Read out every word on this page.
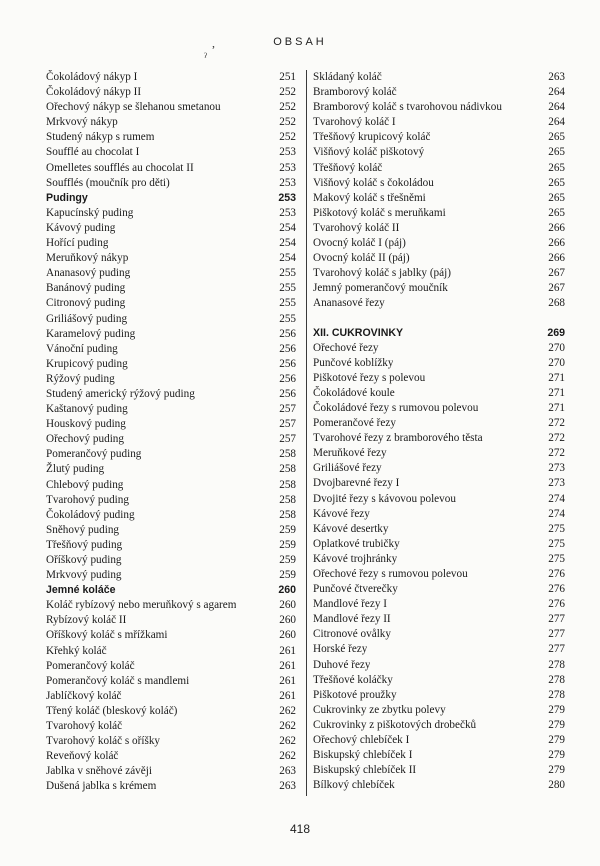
OBSAH
,
ˀ
Čokoládový nákyp I	251
Čokoládový nákyp II	252
Ořechový nákyp se šlehanou smetanou	252
Mrkvový nákyp	252
Studený nákyp s rumem	252
Soufflé au chocolat I	253
Omelletes soufflés au chocolat II	253
Soufflés (moučník pro děti)	253
Pudingy	253
Kapucínský puding	253
Kávový puding	254
Hořící puding	254
Meruňkový nákyp	254
Ananasový puding	255
Banánový puding	255
Citronový puding	255
Griliášový puding	255
Karamelový puding	256
Vánoční puding	256
Krupicový puding	256
Rýžový puding	256
Studený americký rýžový puding	256
Kaštanový puding	257
Houskový puding	257
Ořechový puding	257
Pomerančový puding	258
Žlutý puding	258
Chlebový puding	258
Tvarohový puding	258
Čokoládový puding	258
Sněhový puding	259
Třešňový puding	259
Oříškový puding	259
Mrkvový puding	259
Jemné koláče	260
Koláč rybízový nebo meruňkový s agarem	260
Rybízový koláč II	260
Oříškový koláč s mřížkami	260
Křehký koláč	261
Pomerančový koláč	261
Pomerančový koláč s mandlemi	261
Jablíčkový koláč	261
Třený koláč (bleskový koláč)	262
Tvarohový koláč	262
Tvarohový koláč s oříšky	262
Reveňový koláč	262
Jablka v sněhové závěji	263
Dušená jablka s krémem	263
Skládaný koláč	263
Bramborový koláč	264
Bramborový koláč s tvarohovou nádivkou	264
Tvarohový koláč I	264
Třešňový krupicový koláč	265
Višňový koláč piškotový	265
Třešňový koláč	265
Višňový koláč s čokoládou	265
Makový koláč s třešněmi	265
Piškotový koláč s meruňkami	265
Tvarohový koláč II	266
Ovocný koláč I (páj)	266
Ovocný koláč II (páj)	266
Tvarohový koláč s jablky (páj)	267
Jemný pomerančový moučník	267
Ananasové řezy	268
XII. CUKROVINKY	269
Ořechové řezy	270
Punčové koblížky	270
Piškotové řezy s polevou	271
Čokoládové koule	271
Čokoládové řezy s rumovou polevou	271
Pomerančové řezy	272
Tvarohové řezy z bramborového těsta	272
Meruňkové řezy	272
Griliášové řezy	273
Dvojbarevné řezy I	273
Dvojité řezy s kávovou polevou	274
Kávové řezy	274
Kávové desertky	275
Oplatkové trubičky	275
Kávové trojhránky	275
Ořechové řezy s rumovou polevou	276
Punčové čtverečky	276
Mandlové řezy I	276
Mandlové řezy II	277
Citronové ovålky	277
Horské řezy	277
Duhové řezy	278
Třešňové koláčky	278
Piškotové proužky	278
Cukrovinky ze zbytku polevy	279
Cukrovinky z piškotových drobečků	279
Ořechový chlebíček I	279
Biskupský chlebíček I	279
Biskupský chlebíček II	279
Bílkový chlebíček	280
418
